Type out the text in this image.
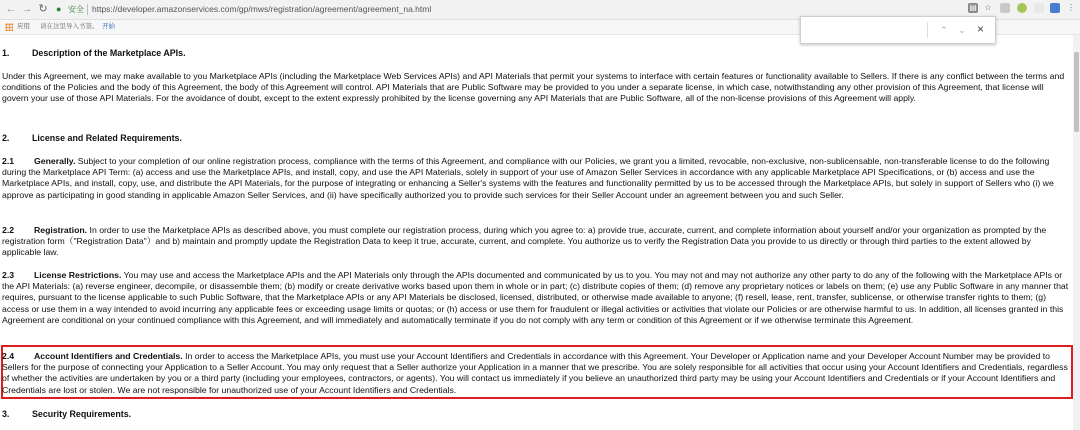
← → ↻ ● 安全 https://developer.amazonservices.com/gp/mws/registration/agreement/agreement_na.html	▤ ☆	⋮
应用 请在这里导入书签。 开始	⌃ ⌄ ×
1.	Description of the Marketplace APIs.

Under this Agreement, we may make available to you Marketplace APIs (including the Marketplace Web Services APIs) and API Materials that permit your systems to interface with certain features or functionality available to Sellers. If there is any conflict between the terms and conditions of the Policies and the body of this Agreement, the body of this Agreement will control. API Materials that are Public Software may be provided to you under a separate license, in which case, notwithstanding any other provision of this Agreement, that license will govern your use of those API Materials. For the avoidance of doubt, except to the extent expressly prohibited by the license governing any API Materials that are Public Software, all of the non-license provisions of this Agreement will apply.

2.	License and Related Requirements.

2.1 Generally. Subject to your completion of our online registration process, compliance with the terms of this Agreement, and compliance with our Policies, we grant you a limited, revocable, non-exclusive, non-sublicensable, non-transferable license to do the following during the Marketplace API Term: (a) access and use the Marketplace APIs, and install, copy, and use the API Materials, solely in support of your use of Amazon Seller Services in accordance with any applicable Marketplace API Specifications, or (b) access and use the Marketplace APIs, and install, copy, use, and distribute the API Materials, for the purpose of integrating or enhancing a Seller's systems with the features and functionality permitted by us to be accessed through the Marketplace APIs, but solely in support of Sellers who (i) we approve as participating in good standing in applicable Amazon Seller Services, and (ii) have specifically authorized you to provide such services for their Seller Account under an agreement between you and such Seller.

2.2 Registration. In order to use the Marketplace APIs as described above, you must complete our registration process, during which you agree to: a) provide true, accurate, current, and complete information about yourself and/or your organization as prompted by the registration form（"Registration Data"）and b) maintain and promptly update the Registration Data to keep it true, accurate, current, and complete. You authorize us to verify the Registration Data you provide to us directly or through third parties to the extent allowed by applicable law.

2.3 License Restrictions. You may use and access the Marketplace APIs and the API Materials only through the APIs documented and communicated by us to you. You may not and may not authorize any other party to do any of the following with the Marketplace APIs or the API Materials: (a) reverse engineer, decompile, or disassemble them; (b) modify or create derivative works based upon them in whole or in part; (c) distribute copies of them; (d) remove any proprietary notices or labels on them; (e) use any Public Software in any manner that requires, pursuant to the license applicable to such Public Software, that the Marketplace APIs or any API Materials be disclosed, licensed, distributed, or otherwise made available to anyone; (f) resell, lease, rent, transfer, sublicense, or otherwise transfer rights to them; (g) access or use them in a way intended to avoid incurring any applicable fees or exceeding usage limits or quotas; or (h) access or use them for fraudulent or illegal activities or activities that violate our Policies or are otherwise harmful to us. In addition, all licenses granted in this Agreement are conditional on your continued compliance with this Agreement, and will immediately and automatically terminate if you do not comply with any term or condition of this Agreement or if we otherwise terminate this Agreement.

2.4 Account Identifiers and Credentials. In order to access the Marketplace APIs, you must use your Account Identifiers and Credentials in accordance with this Agreement. Your Developer or Application name and your Developer Account Number may be provided to Sellers for the purpose of connecting your Application to a Seller Account. You may only request that a Seller authorize your Application in a manner that we prescribe. You are solely responsible for all activities that occur using your Account Identifiers and Credentials, regardless of whether the activities are undertaken by you or a third party (including your employees, contractors, or agents). You will contact us immediately if you believe an unauthorized third party may be using your Account Identifiers and Credentials or if your Account Identifiers and Credentials are lost or stolen. We are not responsible for unauthorized use of your Account Identifiers and Credentials.

3.	Security Requirements.
